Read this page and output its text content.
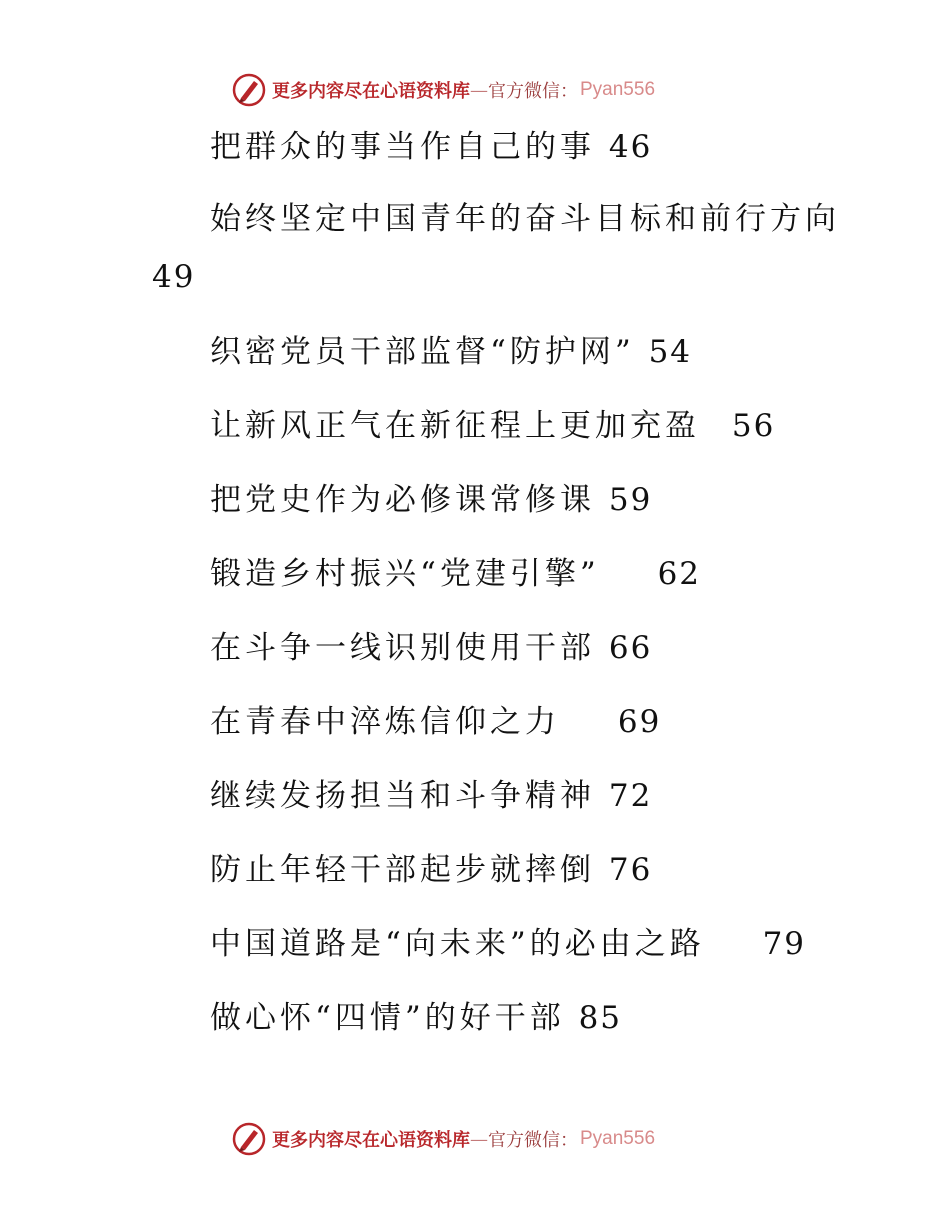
更多内容尽在心语资料库 — 官方微信： Pyan556
把群众的事当作自己的事 46
始终坚定中国青年的奋斗目标和前行方向
49
织密党员干部监督“防护网” 54
让新风正气在新征程上更加充盈 56
把党史作为必修课常修课 59
锻造乡村振兴“党建引擎” 62
在斗争一线识别使用干部 66
在青春中淬炼信仰之力 69
继续发扬担当和斗争精神 72
防止年轻干部起步就摔倒 76
中国道路是“向未来”的必由之路 79
做心怀“四情”的好干部 85
更多内容尽在心语资料库 — 官方微信： Pyan556
